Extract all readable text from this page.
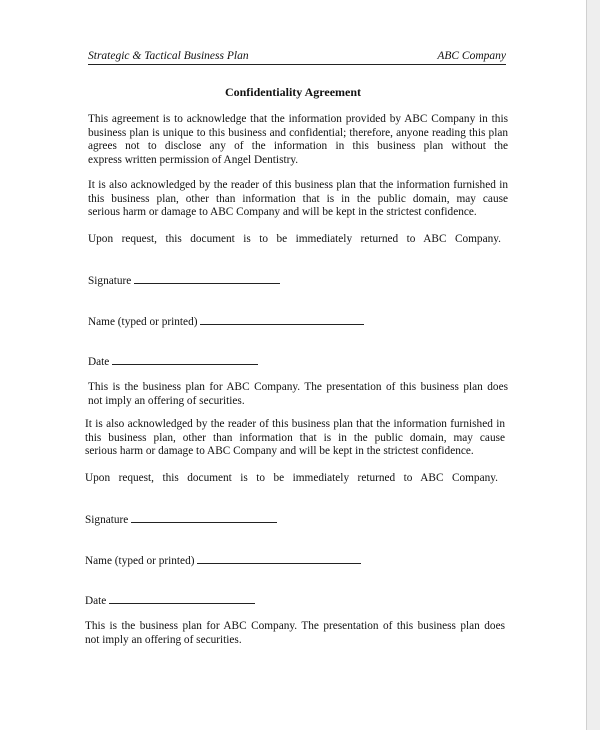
Strategic & Tactical Business Plan	ABC Company
Confidentiality Agreement

This agreement is to acknowledge that the information provided by ABC Company in this business plan is unique to this business and confidential; therefore, anyone reading this plan agrees not to disclose any of the information in this business plan without the
express written permission of Angel Dentistry.

It is also acknowledged by the reader of this business plan that the information furnished in this business plan, other than information that is in the public domain, may cause
serious harm or damage to ABC Company and will be kept in the strictest confidence.

Upon request, this document is to be immediately returned to ABC Company.

Signature
Name (typed or printed)
Date

This is the business plan for ABC Company. The presentation of this business plan does
not imply an offering of securities.

It is also acknowledged by the reader of this business plan that the information furnished in this business plan, other than information that is in the public domain, may cause
serious harm or damage to ABC Company and will be kept in the strictest confidence.

Upon request, this document is to be immediately returned to ABC Company.

Signature
Name (typed or printed)
Date

This is the business plan for ABC Company. The presentation of this business plan does
not imply an offering of securities.
